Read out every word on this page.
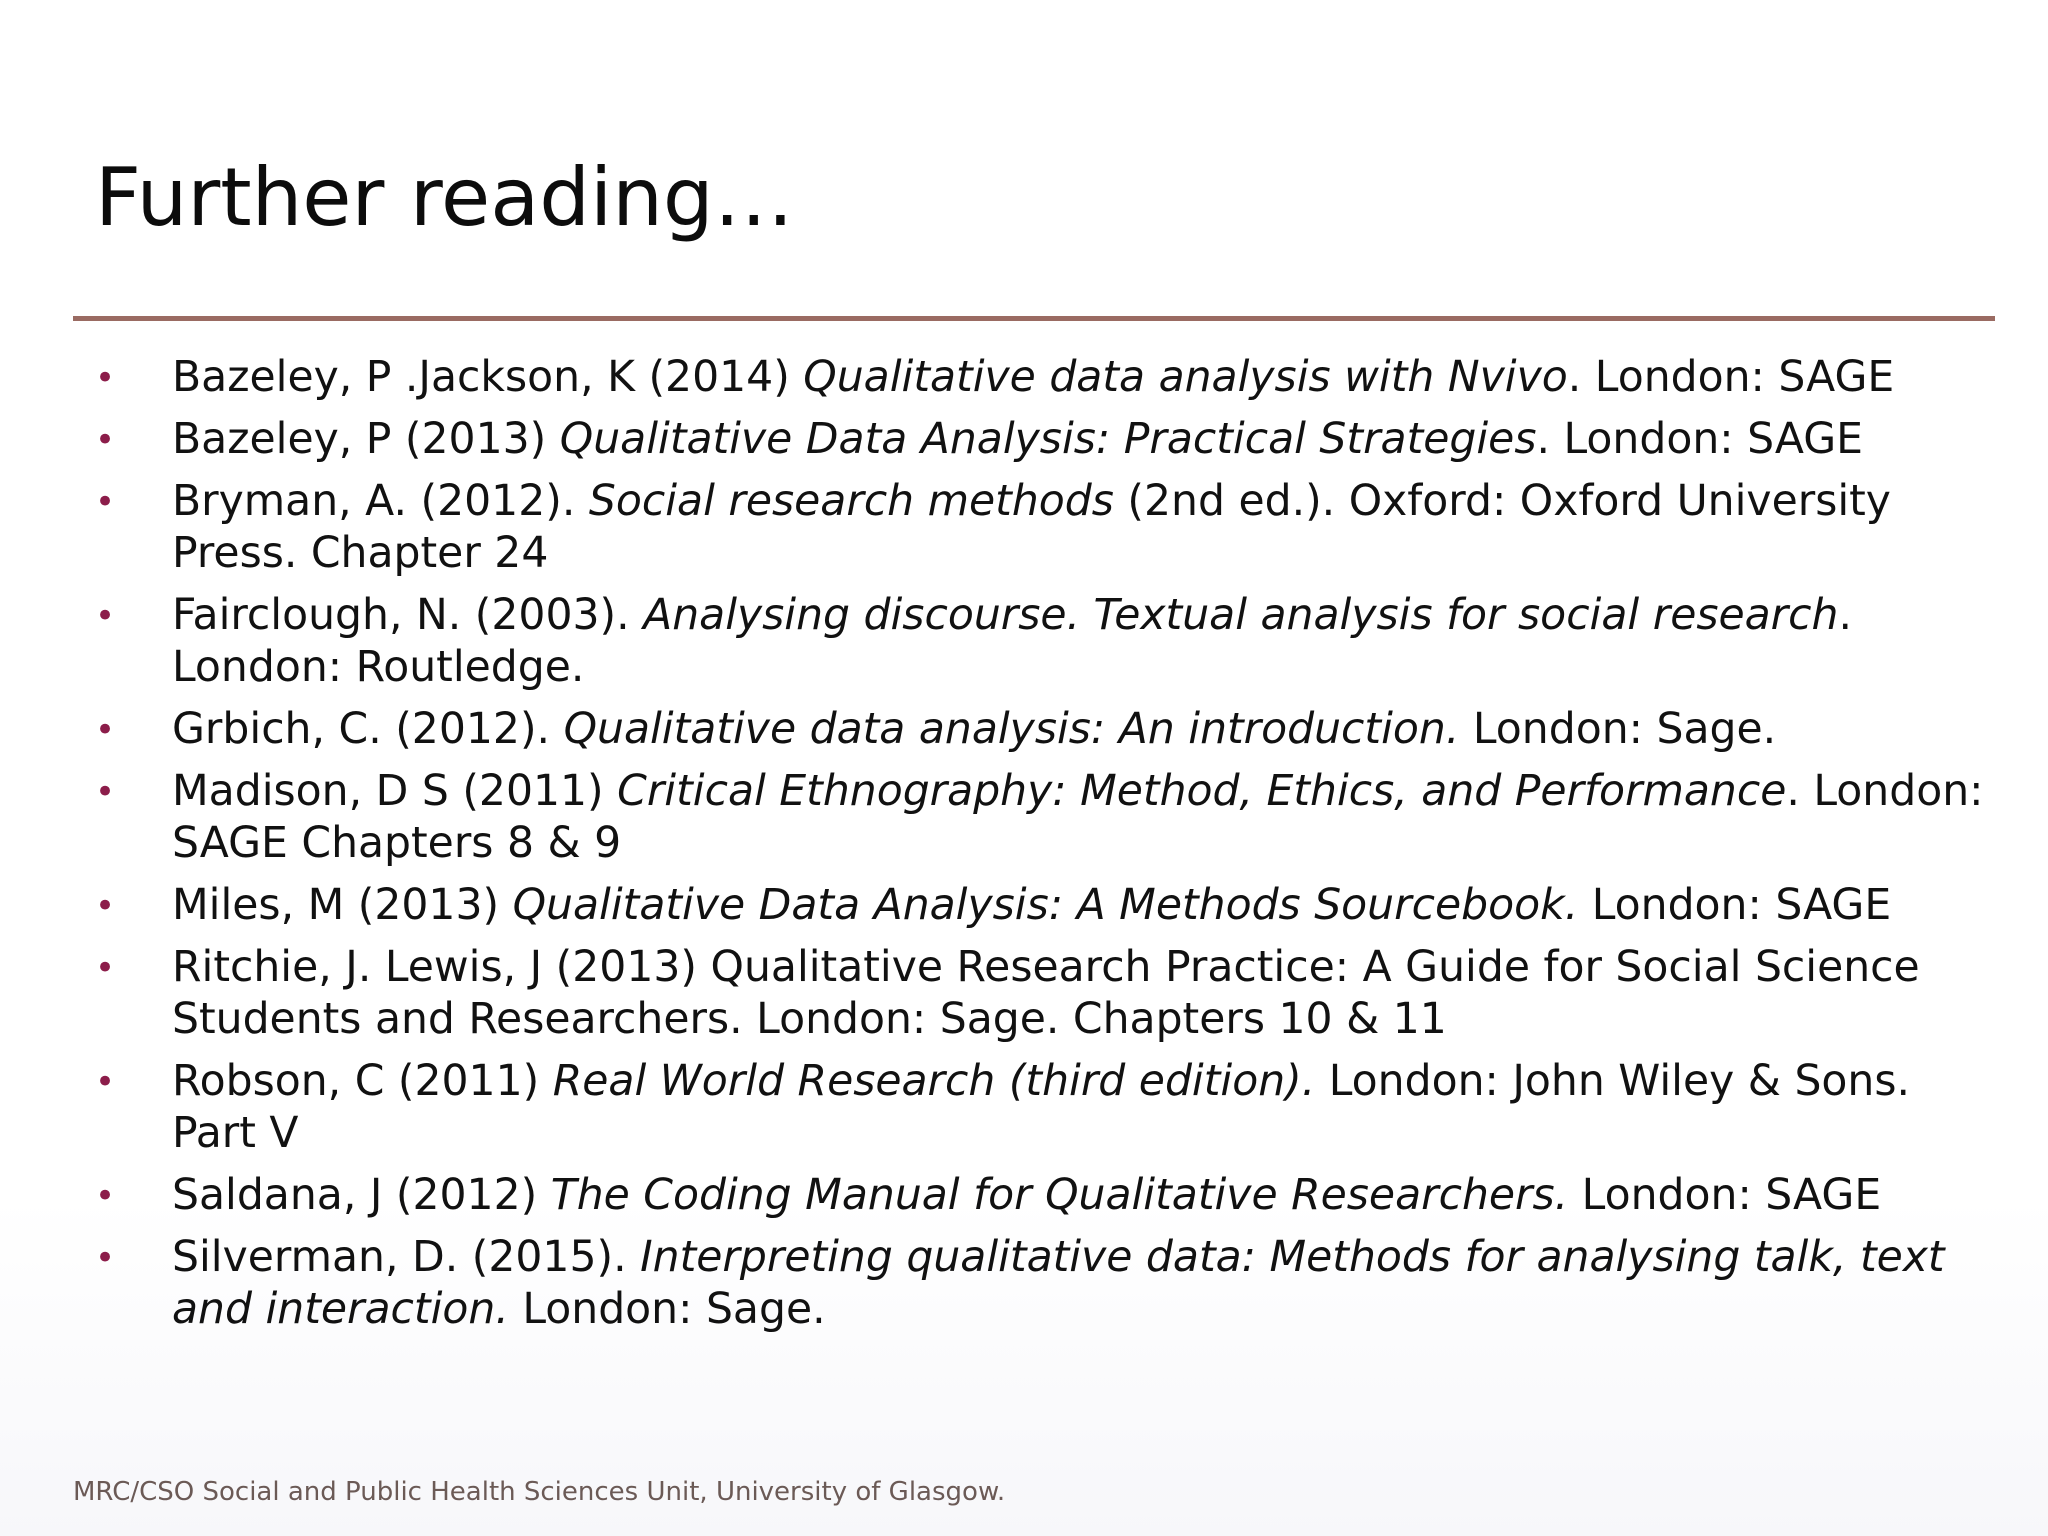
Further reading…
• Bazeley, P .Jackson, K (2014) Qualitative data analysis with Nvivo. London: SAGE
• Bazeley, P (2013) Qualitative Data Analysis: Practical Strategies. London: SAGE
• Bryman, A. (2012). Social research methods (2nd ed.). Oxford: Oxford University Press. Chapter 24
• Fairclough, N. (2003). Analysing discourse. Textual analysis for social research. London: Routledge.
• Grbich, C. (2012). Qualitative data analysis: An introduction. London: Sage.
• Madison, D S (2011) Critical Ethnography: Method, Ethics, and Performance. London: SAGE Chapters 8 & 9
• Miles, M (2013) Qualitative Data Analysis: A Methods Sourcebook. London: SAGE
• Ritchie, J. Lewis, J (2013) Qualitative Research Practice: A Guide for Social Science Students and Researchers. London: Sage. Chapters 10 & 11
• Robson, C (2011) Real World Research (third edition). London: John Wiley & Sons. Part V
• Saldana, J (2012) The Coding Manual for Qualitative Researchers. London: SAGE
• Silverman, D. (2015). Interpreting qualitative data: Methods for analysing talk, text and interaction. London: Sage.
MRC/CSO Social and Public Health Sciences Unit, University of Glasgow.
